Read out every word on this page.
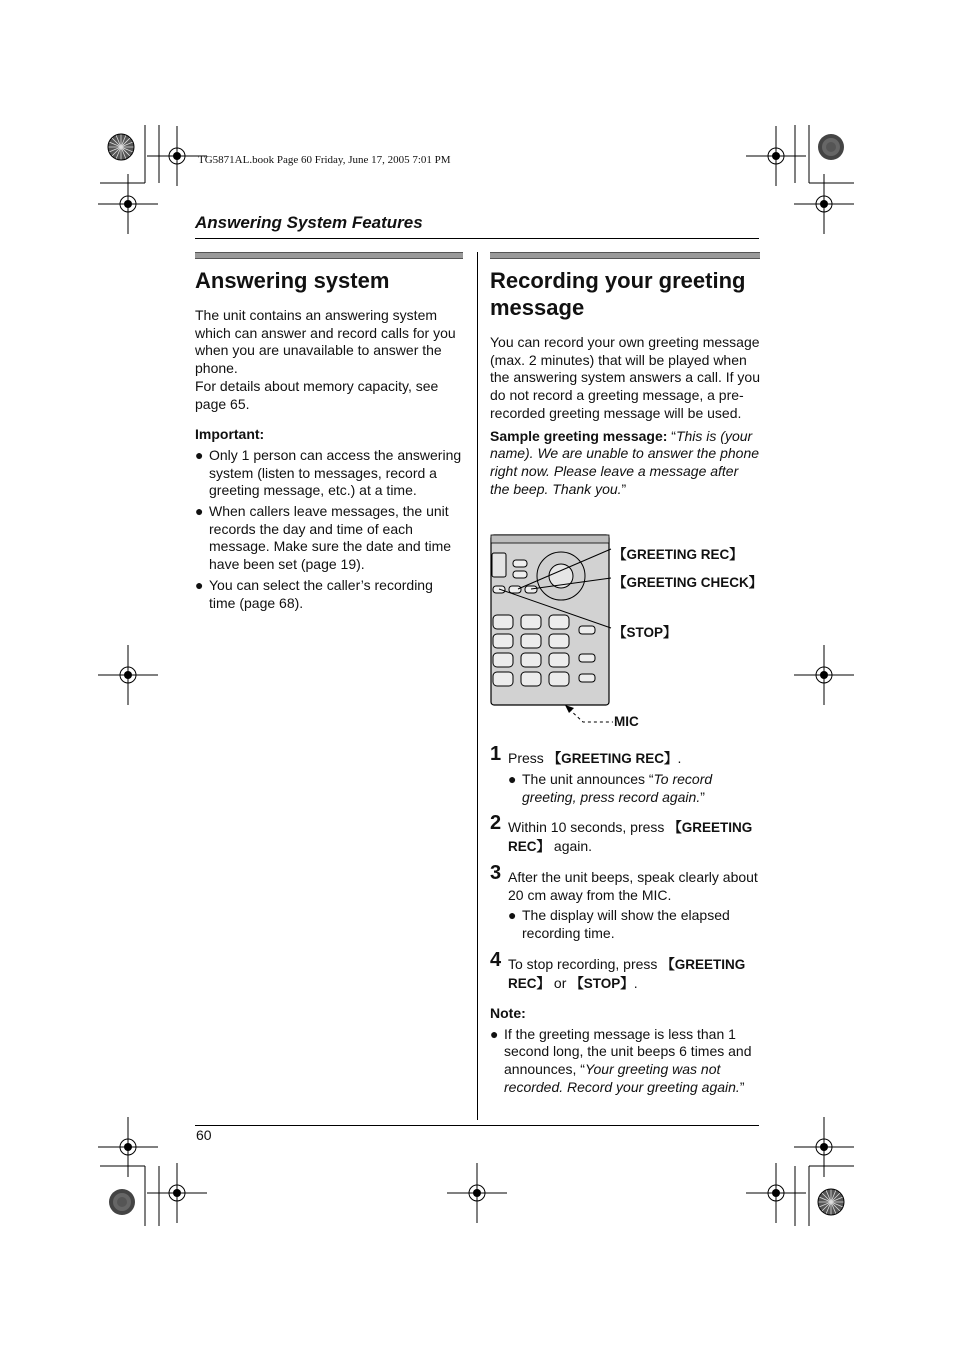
TG5871AL.book Page 60 Friday, June 17, 2005 7:01 PM
Answering System Features
Answering system

The unit contains an answering system which can answer and record calls for you when you are unavailable to answer the phone.

For details about memory capacity, see page 65.

Important:

● Only 1 person can access the answering system (listen to messages, record a greeting message, etc.) at a time.
● When callers leave messages, the unit records the day and time of each message. Make sure the date and time have been set (page 19).
● You can select the caller’s recording time (page 68).
Recording your greeting message

You can record your own greeting message (max. 2 minutes) that will be played when the answering system answers a call. If you do not record a greeting message, a pre-recorded greeting message will be used.

Sample greeting message: “This is (your name). We are unable to answer the phone right now. Please leave a message after the beep. Thank you.”

【GREETING REC】
【GREETING CHECK】
【STOP】
MIC
1 Press 【GREETING REC】.
● The unit announces “To record greeting, press record again.”
2 Within 10 seconds, press 【GREETING REC】 again.
3 After the unit beeps, speak clearly about 20 cm away from the MIC.
● The display will show the elapsed recording time.
4 To stop recording, press 【GREETING REC】 or 【STOP】.

Note:

● If the greeting message is less than 1 second long, the unit beeps 6 times and announces, “Your greeting was not recorded. Record your greeting again.”
60
